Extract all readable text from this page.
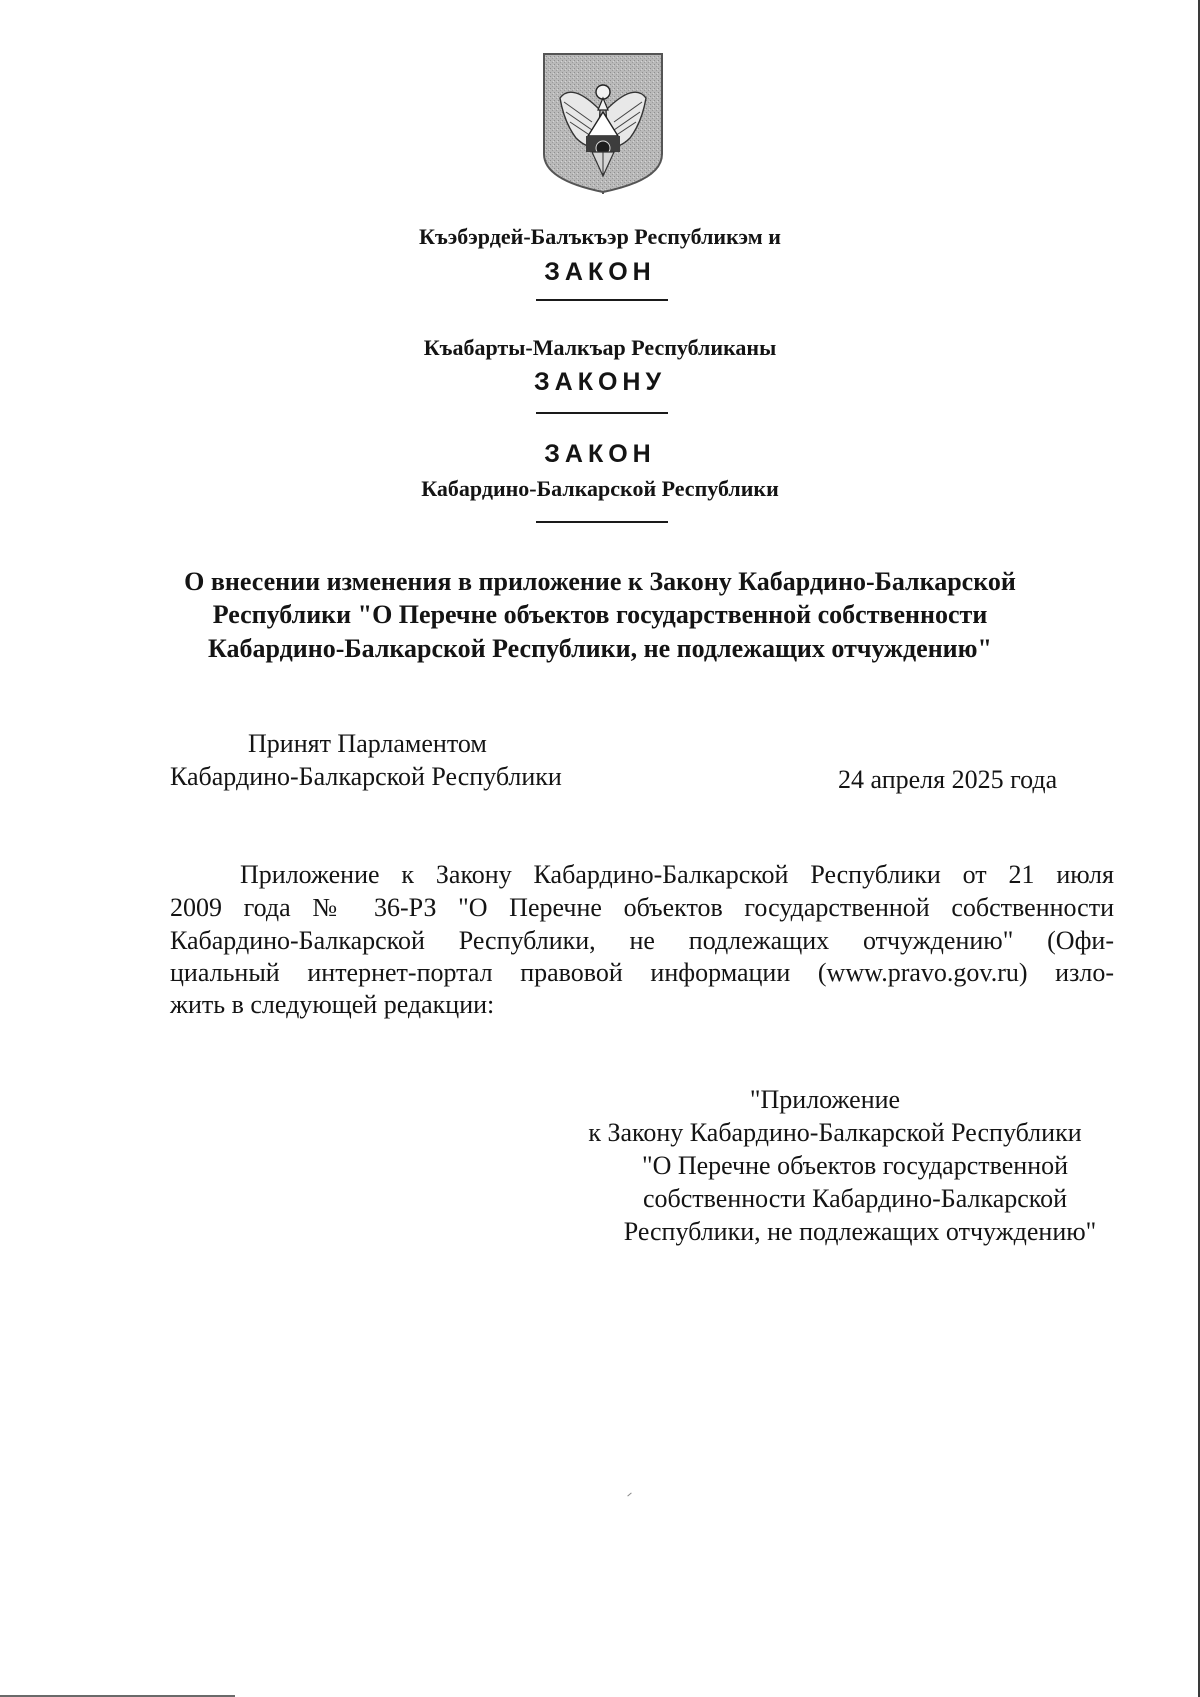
Къэбэрдей-Балъкъэр Республикэм и
ЗАКОН
Къабарты-Малкъар Республиканы
ЗАКОНУ
ЗАКОН
Кабардино-Балкарской Республики
О внесении изменения в приложение к Закону Кабардино-Балкарской
Республики "О Перечне объектов государственной собственности
Кабардино-Балкарской Республики, не подлежащих отчуждению"
Принят Парламентом
Кабардино-Балкарской Республики	24 апреля 2025 года
Приложение к Закону Кабардино-Балкарской Республики от 21 июля
2009 года № 36-РЗ "О Перечне объектов государственной собственности
Кабардино-Балкарской Республики, не подлежащих отчуждению" (Офи-
циальный интернет-портал правовой информации (www.pravo.gov.ru) изло-
жить в следующей редакции:
"Приложение
к Закону Кабардино-Балкарской Республики
"О Перечне объектов государственной
собственности Кабардино-Балкарской
Республики, не подлежащих отчуждению"
